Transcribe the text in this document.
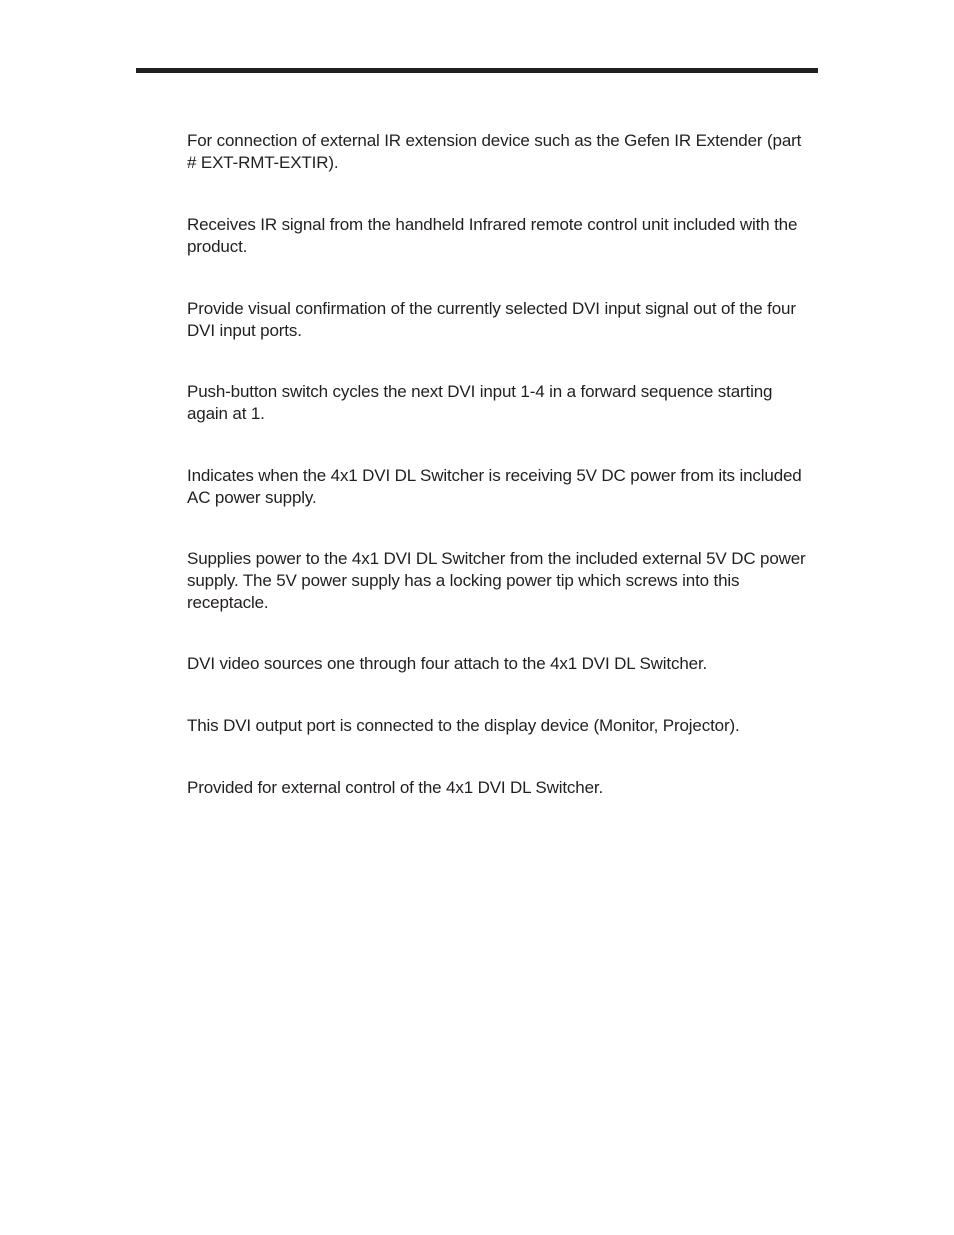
For connection of external IR extension device such as the Gefen IR Extender (part # EXT-RMT-EXTIR).

Receives IR signal from the handheld Infrared remote control unit included with the product.

Provide visual confirmation of the currently selected DVI input signal out of the four DVI input ports.

Push-button switch cycles the next DVI input 1-4 in a forward sequence starting again at 1.

Indicates when the 4x1 DVI DL Switcher is receiving 5V DC power from its included AC power supply.

Supplies power to the 4x1 DVI DL Switcher from the included external 5V DC power supply. The 5V power supply has a locking power tip which screws into this receptacle.

DVI video sources one through four attach to the 4x1 DVI DL Switcher.

This DVI output port is connected to the display device (Monitor, Projector).

Provided for external control of the 4x1 DVI DL Switcher.
